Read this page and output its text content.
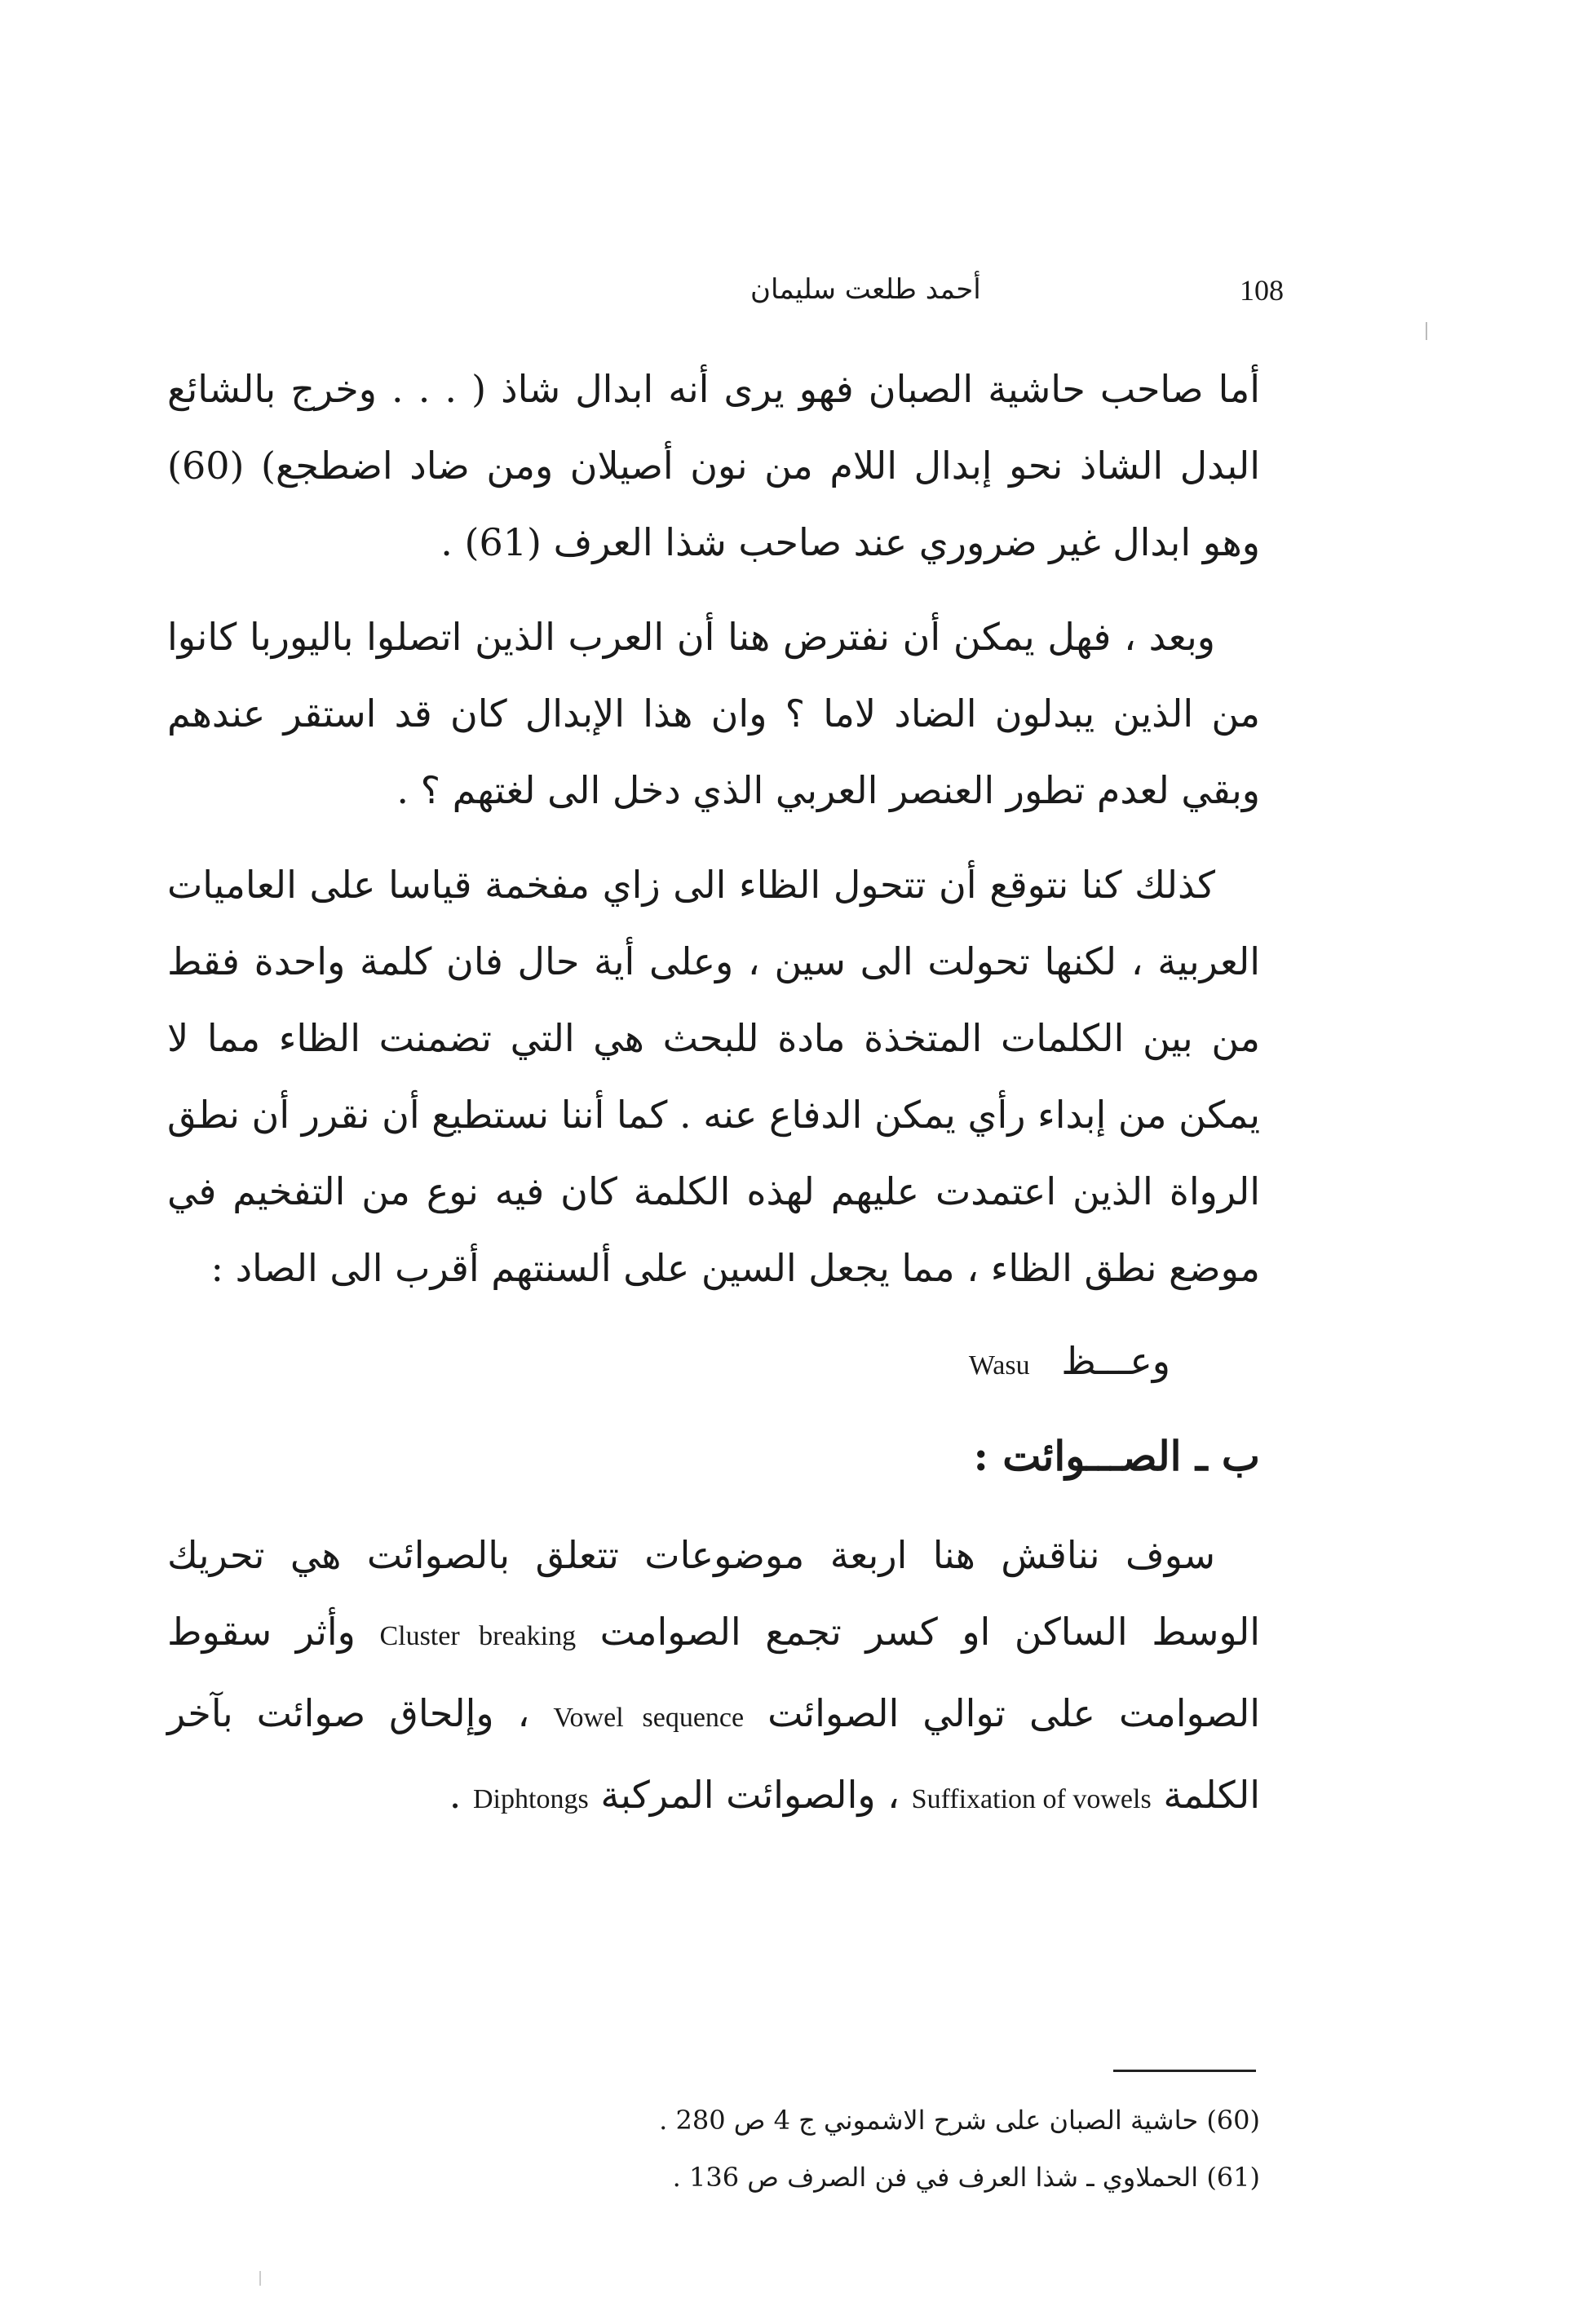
108
أحمد طلعت سليمان

أما صاحب حاشية الصبان فهو يرى أنه ابدال شاذ ( . . . وخرج بالشائع البدل الشاذ نحو إبدال اللام من نون أصيلان ومن ضاد اضطجع) (60) وهو ابدال غير ضروري عند صاحب شذا العرف (61) .

وبعد ، فهل يمكن أن نفترض هنا أن العرب الذين اتصلوا باليوربا كانوا من الذين يبدلون الضاد لاما ؟ وان هذا الإبدال كان قد استقر عندهم وبقي لعدم تطور العنصر العربي الذي دخل الى لغتهم ؟ .

كذلك كنا نتوقع أن تتحول الظاء الى زاي مفخمة قياسا على العاميات العربية ، لكنها تحولت الى سين ، وعلى أية حال فان كلمة واحدة فقط من بين الكلمات المتخذة مادة للبحث هي التي تضمنت الظاء مما لا يمكن من إبداء رأي يمكن الدفاع عنه . كما أننا نستطيع أن نقرر أن نطق الرواة الذين اعتمدت عليهم لهذه الكلمة كان فيه نوع من التفخيم في موضع نطق الظاء ، مما يجعل السين على ألسنتهم أقرب الى الصاد :

وعـــظ Wasu
ب ـ الصـــوائت :

سوف نناقش هنا اربعة موضوعات تتعلق بالصوائت هي تحريك الوسط الساكن او كسر تجمع الصوامت Cluster breaking وأثر سقوط الصوامت على توالي الصوائت Vowel sequence ، وإلحاق صوائت بآخر الكلمة Suffixation of vowels ، والصوائت المركبة Diphtongs .

(60) حاشية الصبان على شرح الاشموني ج 4 ص 280 .

(61) الحملاوي ـ شذا العرف في فن الصرف ص 136 .
